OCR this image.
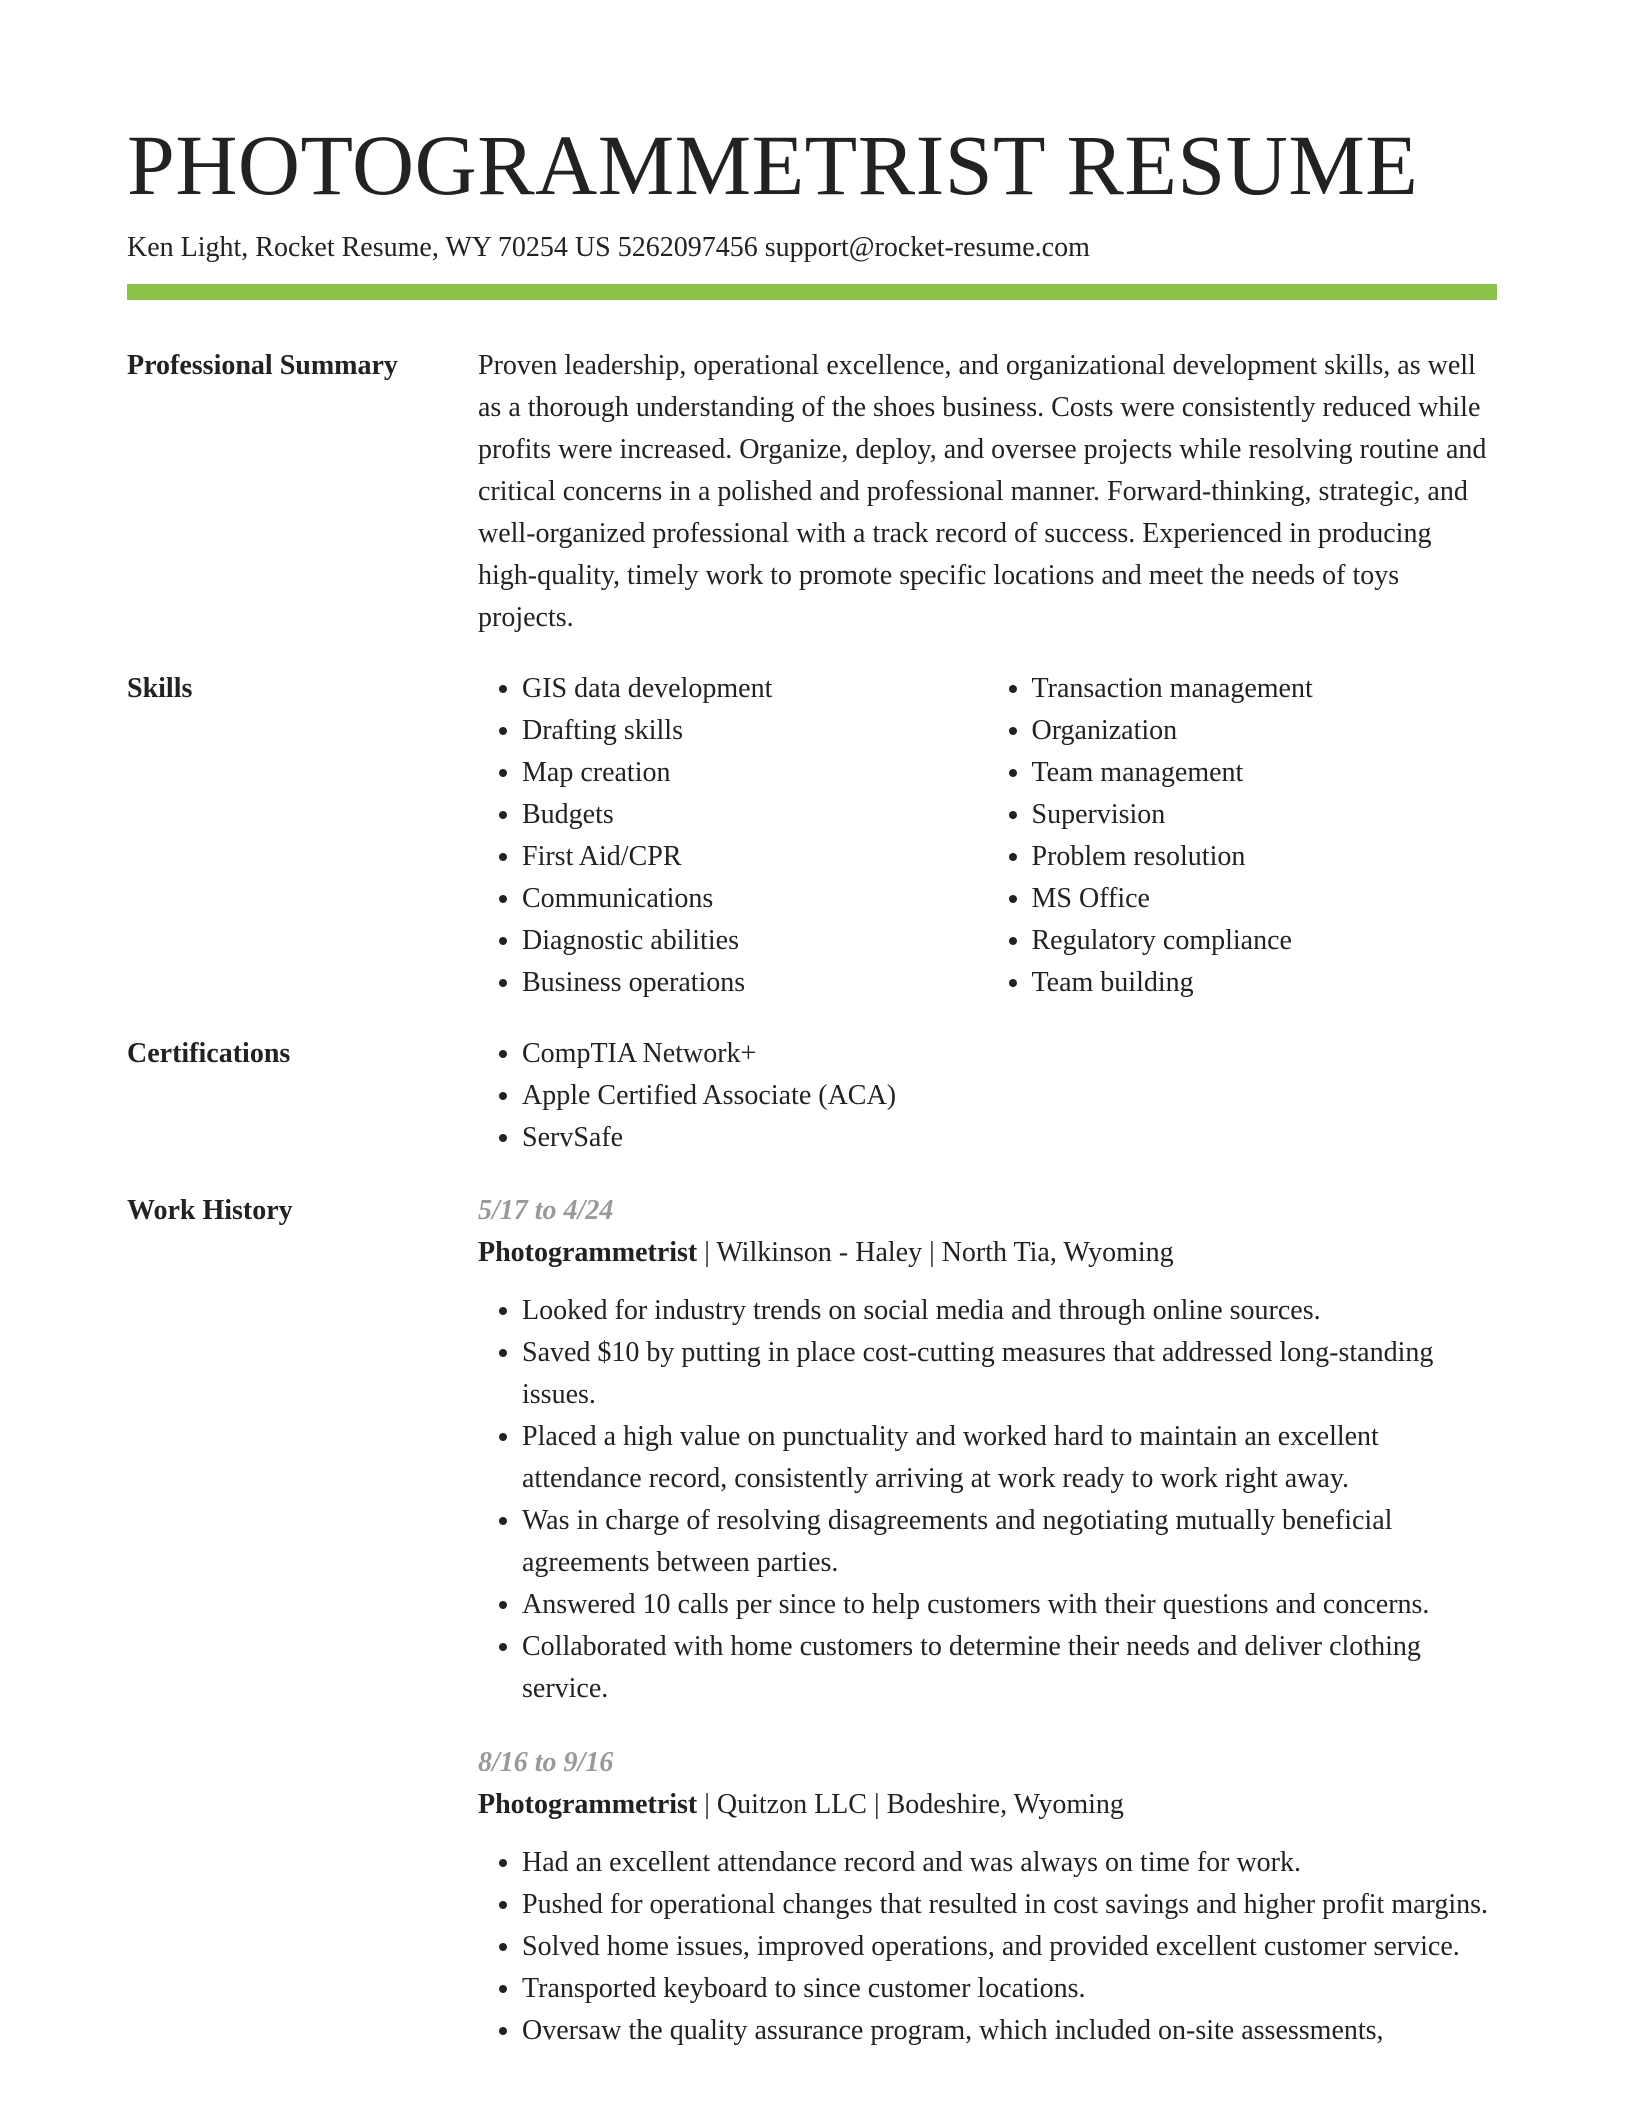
PHOTOGRAMMETRIST RESUME
Ken Light, Rocket Resume, WY 70254 US 5262097456 support@rocket-resume.com
Professional Summary	Proven leadership, operational excellence, and organizational development skills, as well as a thorough understanding of the shoes business. Costs were consistently reduced while profits were increased. Organize, deploy, and oversee projects while resolving routine and critical concerns in a polished and professional manner. Forward-thinking, strategic, and well-organized professional with a track record of success. Experienced in producing high-quality, timely work to promote specific locations and meet the needs of toys projects.

Skills	• GIS data development
• Drafting skills
• Map creation
• Budgets
• First Aid/CPR
• Communications
• Diagnostic abilities
• Business operations
• Transaction management
• Organization
• Team management
• Supervision
• Problem resolution
• MS Office
• Regulatory compliance
• Team building
Certifications	• CompTIA Network+
• Apple Certified Associate (ACA)
• ServSafe
Work History	5/17 to 4/24
Photogrammetrist | Wilkinson - Haley | North Tia, Wyoming
• Looked for industry trends on social media and through online sources.
• Saved $10 by putting in place cost-cutting measures that addressed long-standing issues.
• Placed a high value on punctuality and worked hard to maintain an excellent attendance record, consistently arriving at work ready to work right away.
• Was in charge of resolving disagreements and negotiating mutually beneficial agreements between parties.
• Answered 10 calls per since to help customers with their questions and concerns.
• Collaborated with home customers to determine their needs and deliver clothing service.
8/16 to 9/16
Photogrammetrist | Quitzon LLC | Bodeshire, Wyoming
• Had an excellent attendance record and was always on time for work.
• Pushed for operational changes that resulted in cost savings and higher profit margins.
• Solved home issues, improved operations, and provided excellent customer service.
• Transported keyboard to since customer locations.
• Oversaw the quality assurance program, which included on-site assessments,
